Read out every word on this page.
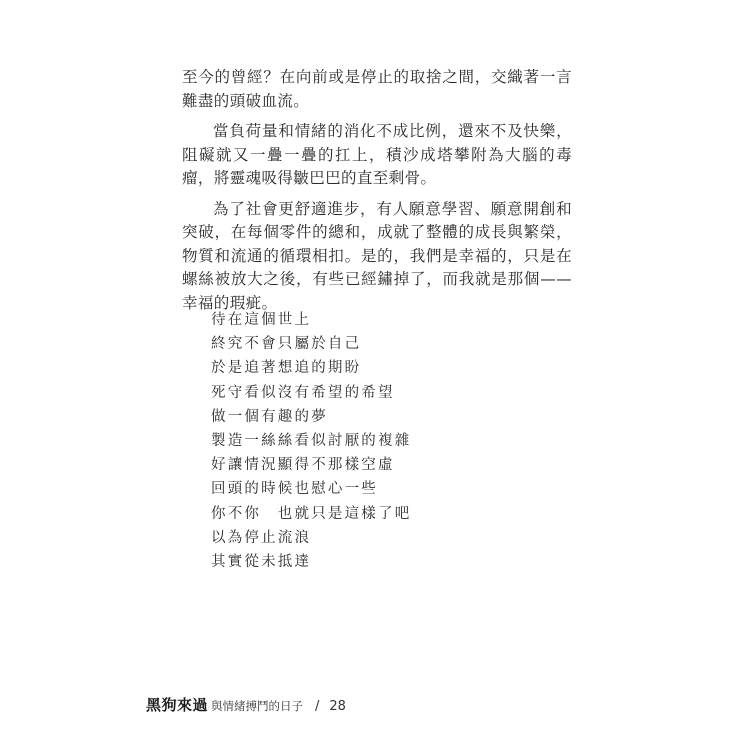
至今的曾經？在向前或是停止的取捨之間，交織著一言難盡的頭破血流。

當負荷量和情緒的消化不成比例，還來不及快樂，阻礙就又一疊一疊的扛上，積沙成塔攀附為大腦的毒瘤，將靈魂吸得皺巴巴的直至剩骨。

為了社會更舒適進步，有人願意學習、願意開創和突破，在每個零件的總和，成就了整體的成長與繁榮，物質和流通的循環相扣。是的，我們是幸福的，只是在螺絲被放大之後，有些已經鏽掉了，而我就是那個——幸福的瑕疵。

待在這個世上
終究不會只屬於自己
於是追著想追的期盼
死守看似沒有希望的希望
做一個有趣的夢
製造一絲絲看似討厭的複雜
好讓情況顯得不那樣空虛
回頭的時候也慰心一些
你不你　也就只是這樣了吧
以為停止流浪
其實從未抵達
黑狗來過 與情緒搏鬥的日子 / 28
